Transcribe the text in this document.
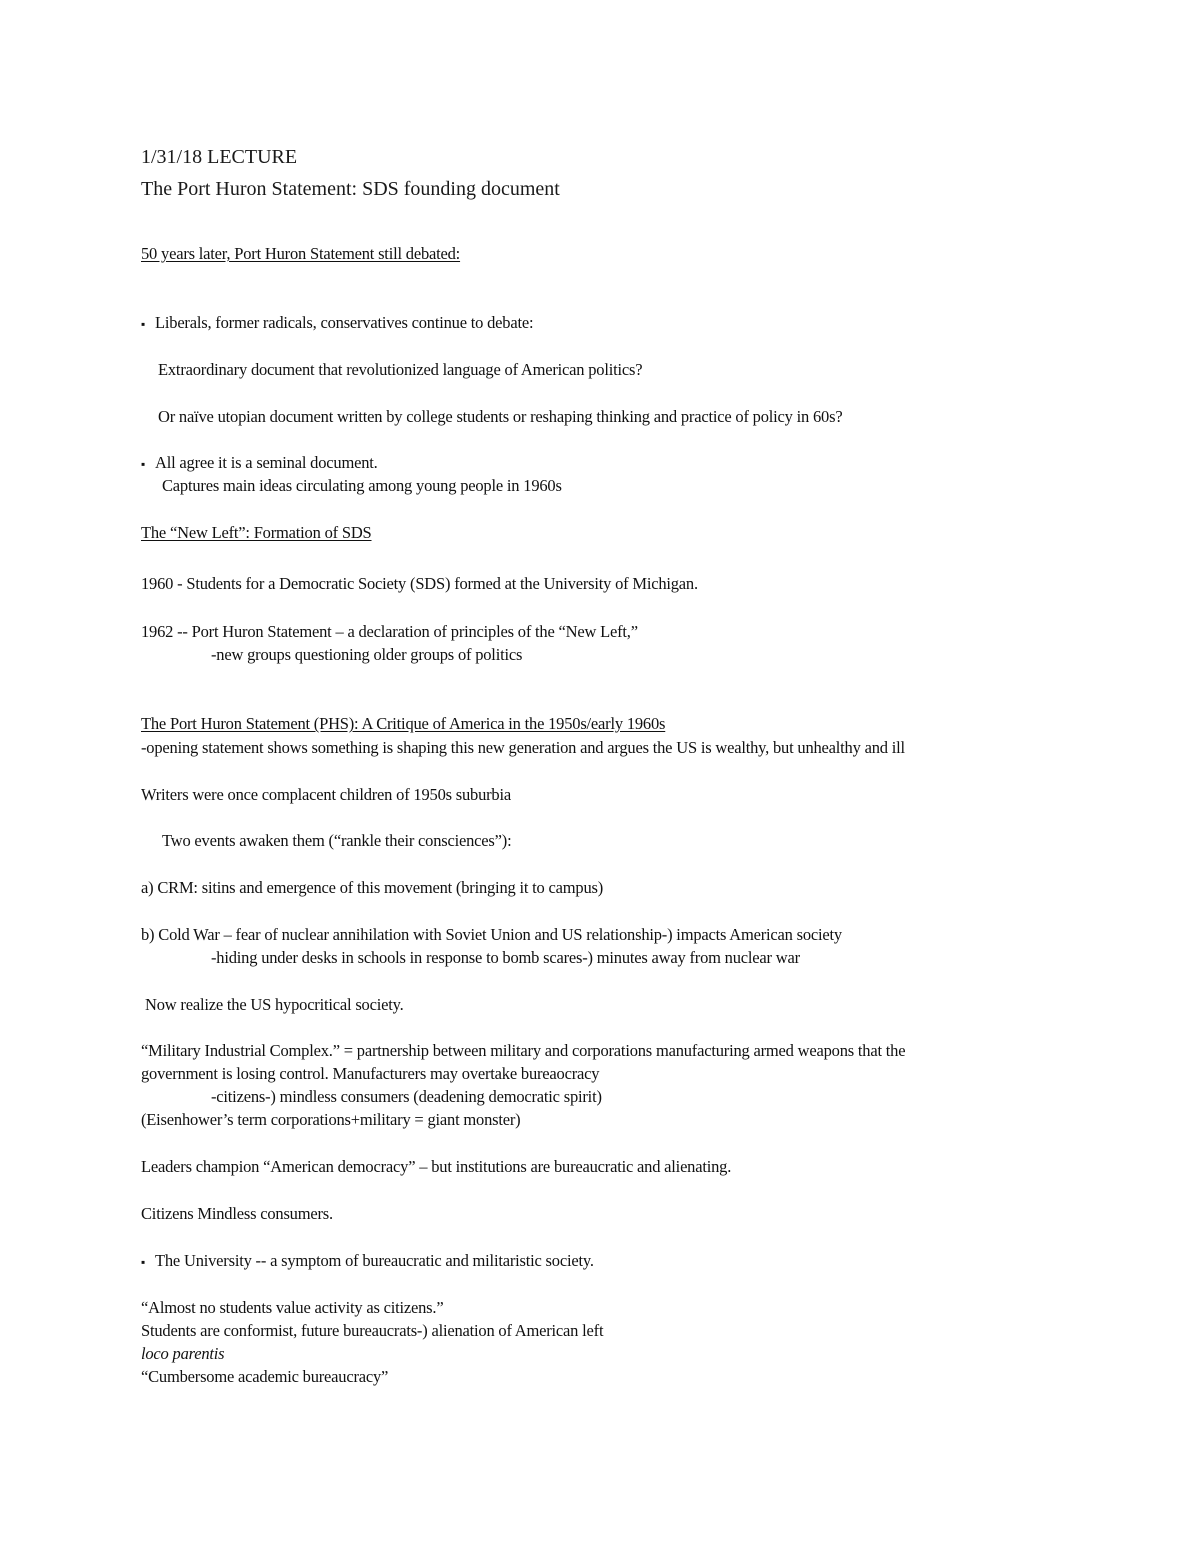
1/31/18 LECTURE
The Port Huron Statement: SDS founding document
50 years later, Port Huron Statement still debated:
▪ Liberals, former radicals, conservatives continue to debate:
Extraordinary document that revolutionized language of American politics?
Or naïve utopian document written by college students or reshaping thinking and practice of policy in 60s?
▪ All agree it is a seminal document.
Captures main ideas circulating among young people in 1960s
The “New Left”: Formation of SDS
1960 - Students for a Democratic Society (SDS) formed at the University of Michigan.
1962 -- Port Huron Statement – a declaration of principles of the “New Left,”
-new groups questioning older groups of politics
The Port Huron Statement (PHS): A Critique of America in the 1950s/early 1960s
-opening statement shows something is shaping this new generation and argues the US is wealthy, but unhealthy and ill
Writers were once complacent children of 1950s suburbia
Two events awaken them (“rankle their consciences”):
a) CRM: sitins and emergence of this movement (bringing it to campus)
b) Cold War – fear of nuclear annihilation with Soviet Union and US relationship-) impacts American society
-hiding under desks in schools in response to bomb scares-) minutes away from nuclear war
Now realize the US hypocritical society.
“Military Industrial Complex.” = partnership between military and corporations manufacturing armed weapons that the
government is losing control. Manufacturers may overtake bureaocracy
-citizens-) mindless consumers (deadening democratic spirit)
(Eisenhower’s term corporations+military = giant monster)
Leaders champion “American democracy” – but institutions are bureaucratic and alienating.
Citizens Mindless consumers.
▪ The University -- a symptom of bureaucratic and militaristic society.
“Almost no students value activity as citizens.”
Students are conformist, future bureaucrats-) alienation of American left
loco parentis
“Cumbersome academic bureaucracy”
